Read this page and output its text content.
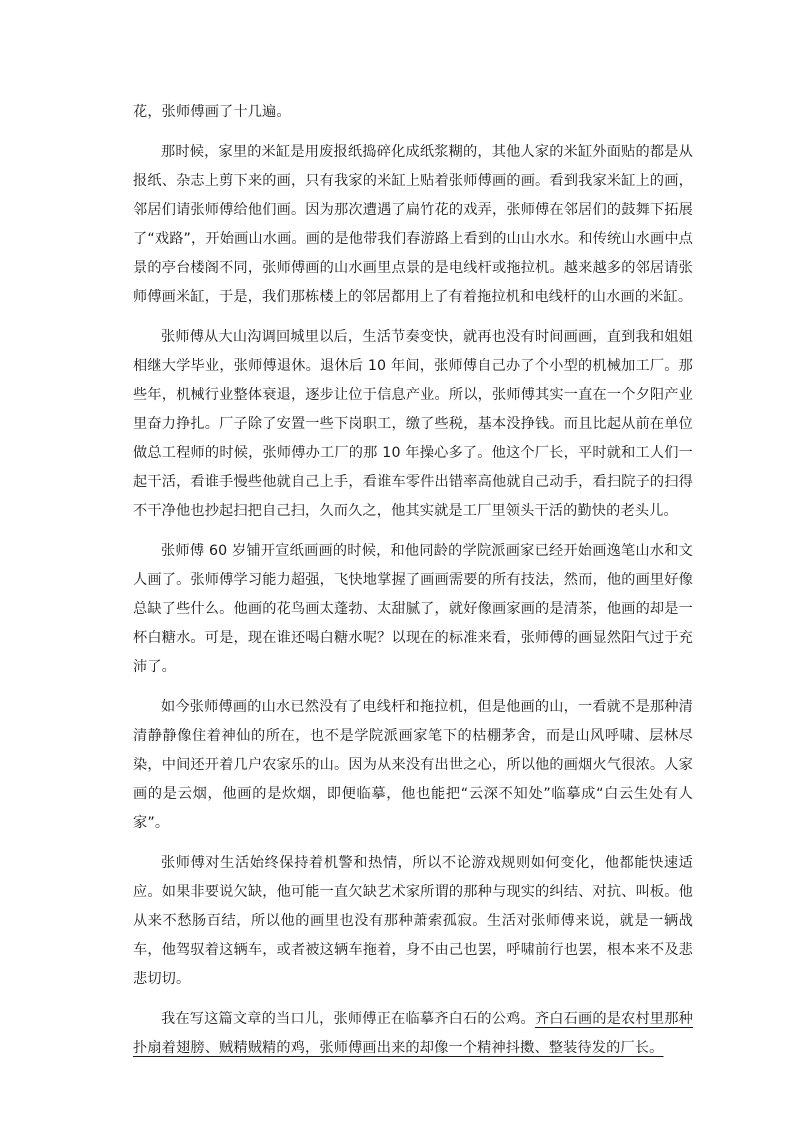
花，张师傅画了十几遍。

那时候，家里的米缸是用废报纸捣碎化成纸浆糊的，其他人家的米缸外面贴的都是从报纸、杂志上剪下来的画，只有我家的米缸上贴着张师傅画的画。看到我家米缸上的画，邻居们请张师傅给他们画。因为那次遭遇了扁竹花的戏弄，张师傅在邻居们的鼓舞下拓展了“戏路”，开始画山水画。画的是他带我们春游路上看到的山山水水。和传统山水画中点景的亭台楼阁不同，张师傅画的山水画里点景的是电线杆或拖拉机。越来越多的邻居请张师傅画米缸，于是，我们那栋楼上的邻居都用上了有着拖拉机和电线杆的山水画的米缸。

张师傅从大山沟调回城里以后，生活节奏变快，就再也没有时间画画，直到我和姐姐相继大学毕业，张师傅退休。退休后 10 年间，张师傅自己办了个小型的机械加工厂。那些年，机械行业整体衰退，逐步让位于信息产业。所以，张师傅其实一直在一个夕阳产业里奋力挣扎。厂子除了安置一些下岗职工，缴了些税，基本没挣钱。而且比起从前在单位做总工程师的时候，张师傅办工厂的那 10 年操心多了。他这个厂长，平时就和工人们一起干活，看谁手慢些他就自己上手，看谁车零件出错率高他就自己动手，看扫院子的扫得不干净他也抄起扫把自己扫，久而久之，他其实就是工厂里领头干活的勤快的老头儿。

张师傅 60 岁铺开宣纸画画的时候，和他同龄的学院派画家已经开始画逸笔山水和文人画了。张师傅学习能力超强，飞快地掌握了画画需要的所有技法，然而，他的画里好像总缺了些什么。他画的花鸟画太蓬勃、太甜腻了，就好像画家画的是清茶，他画的却是一杯白糖水。可是，现在谁还喝白糖水呢？以现在的标准来看，张师傅的画显然阳气过于充沛了。

如今张师傅画的山水已然没有了电线杆和拖拉机，但是他画的山，一看就不是那种清清静静像住着神仙的所在，也不是学院派画家笔下的枯棚茅舍，而是山风呼啸、层林尽染，中间还开着几户农家乐的山。因为从来没有出世之心，所以他的画烟火气很浓。人家画的是云烟，他画的是炊烟，即便临摹，他也能把“云深不知处”临摹成“白云生处有人家”。

张师傅对生活始终保持着机警和热情，所以不论游戏规则如何变化，他都能快速适应。如果非要说欠缺，他可能一直欠缺艺术家所谓的那种与现实的纠结、对抗、叫板。他从来不愁肠百结，所以他的画里也没有那种萧索孤寂。生活对张师傅来说，就是一辆战车，他驾驭着这辆车，或者被这辆车拖着，身不由己也罢，呼啸前行也罢，根本来不及悲悲切切。

我在写这篇文章的当口儿，张师傅正在临摹齐白石的公鸡。齐白石画的是农村里那种扑扇着翅膀、贼精贼精的鸡，张师傅画出来的却像一个精神抖擞、整装待发的厂长。
